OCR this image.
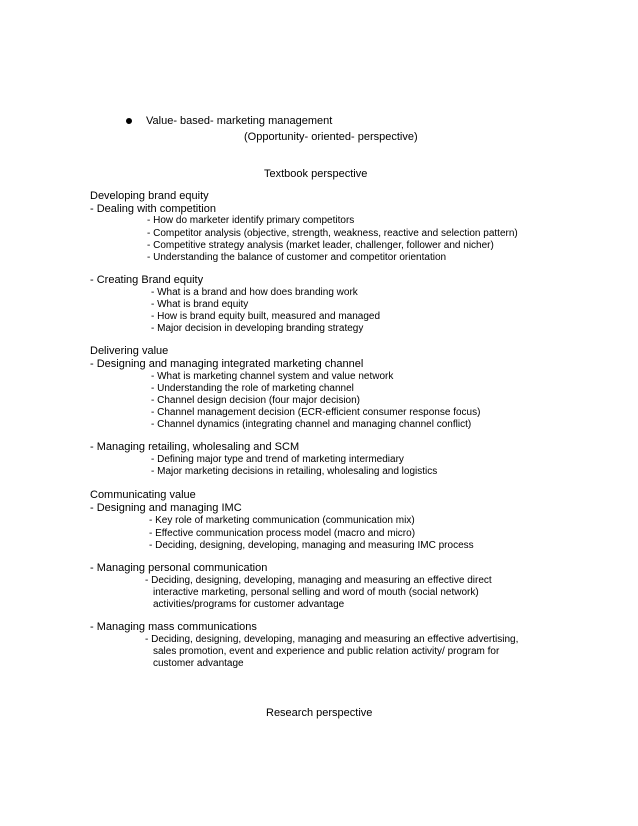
Value- based- marketing management
(Opportunity- oriented- perspective)
Textbook perspective
Developing brand equity
- Dealing with competition
- How do marketer identify primary competitors
- Competitor analysis (objective, strength, weakness, reactive and selection pattern)
- Competitive strategy analysis (market leader, challenger, follower and nicher)
- Understanding the balance of customer and competitor orientation
- Creating Brand equity
- What is a brand and how does branding work
- What is brand equity
- How is brand equity built, measured and managed
- Major decision in developing branding strategy
Delivering value
- Designing and managing integrated marketing channel
- What is marketing channel system and value network
- Understanding the role of marketing channel
- Channel design decision (four major decision)
- Channel management decision (ECR-efficient consumer response focus)
- Channel dynamics (integrating channel and managing channel conflict)
- Managing retailing, wholesaling and SCM
- Defining major type and trend of marketing intermediary
- Major marketing decisions in retailing, wholesaling and logistics
Communicating value
- Designing and managing IMC
- Key role of marketing communication (communication mix)
- Effective communication process model (macro and micro)
- Deciding, designing, developing, managing and measuring IMC process
- Managing personal communication
- Deciding, designing, developing, managing and measuring an effective direct
interactive marketing, personal selling and word of mouth (social network)
activities/programs for customer advantage
- Managing mass communications
- Deciding, designing, developing, managing and measuring an effective advertising,
sales promotion, event and experience and public relation activity/ program for
customer advantage
Research perspective
